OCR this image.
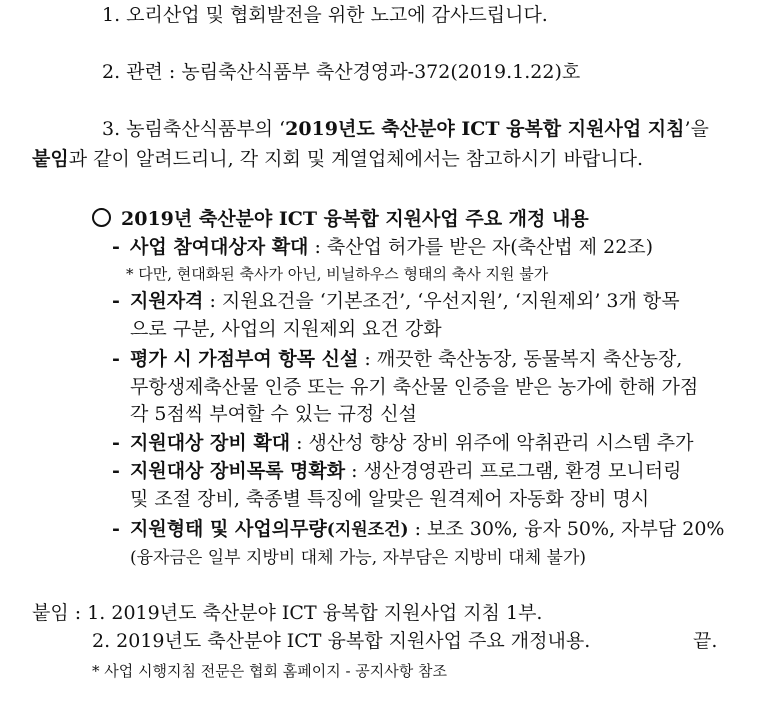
1. 오리산업 및 협회발전을 위한 노고에 감사드립니다.
2. 관련 : 농림축산식품부 축산경영과-372(2019.1.22)호
3. 농림축산식품부의 ‘2019년도 축산분야 ICT 융복합 지원사업 지침’을
붙임과 같이 알려드리니, 각 지회 및 계열업체에서는 참고하시기 바랍니다.
2019년 축산분야 ICT 융복합 지원사업 주요 개정 내용
- 사업 참여대상자 확대 : 축산업 허가를 받은 자(축산법 제 22조)
* 다만, 현대화된 축사가 아닌, 비닐하우스 형태의 축사 지원 불가
- 지원자격 : 지원요건을 ‘기본조건’, ‘우선지원’, ‘지원제외’ 3개 항목
으로 구분, 사업의 지원제외 요건 강화
- 평가 시 가점부여 항목 신설 : 깨끗한 축산농장, 동물복지 축산농장,
무항생제축산물 인증 또는 유기 축산물 인증을 받은 농가에 한해 가점
각 5점씩 부여할 수 있는 규정 신설
- 지원대상 장비 확대 : 생산성 향상 장비 위주에 악취관리 시스템 추가
- 지원대상 장비목록 명확화 : 생산경영관리 프로그램, 환경 모니터링
및 조절 장비, 축종별 특징에 알맞은 원격제어 자동화 장비 명시
- 지원형태 및 사업의무량(지원조건) : 보조 30%, 융자 50%, 자부담 20%
(융자금은 일부 지방비 대체 가능, 자부담은 지방비 대체 불가)
붙임 : 1. 2019년도 축산분야 ICT 융복합 지원사업 지침 1부.
2. 2019년도 축산분야 ICT 융복합 지원사업 주요 개정내용.	끝.
* 사업 시행지침 전문은 협회 홈페이지 - 공지사항 참조
